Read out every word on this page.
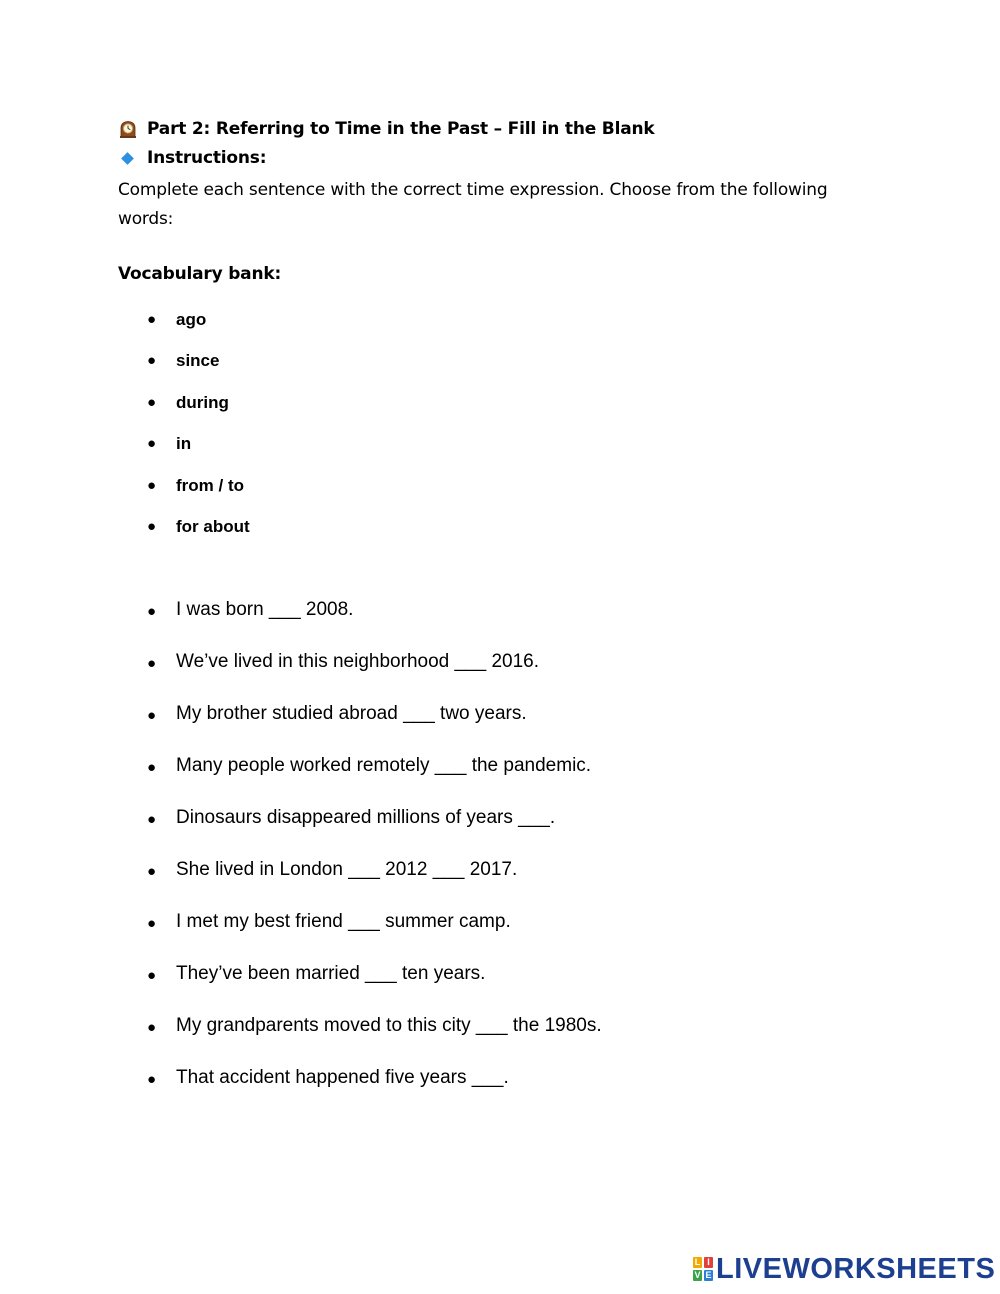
Part 2: Referring to Time in the Past – Fill in the Blank
Instructions:
Complete each sentence with the correct time expression. Choose from the following words:
Vocabulary bank:
● ago
● since
● during
● in
● from / to
● for about
● I was born ___ 2008.
● We’ve lived in this neighborhood ___ 2016.
● My brother studied abroad ___ two years.
● Many people worked remotely ___ the pandemic.
● Dinosaurs disappeared millions of years ___.
● She lived in London ___ 2012 ___ 2017.
● I met my best friend ___ summer camp.
● They’ve been married ___ ten years.
● My grandparents moved to this city ___ the 1980s.
● That accident happened five years ___.
L I
V E LIVEWORKSHEETS
